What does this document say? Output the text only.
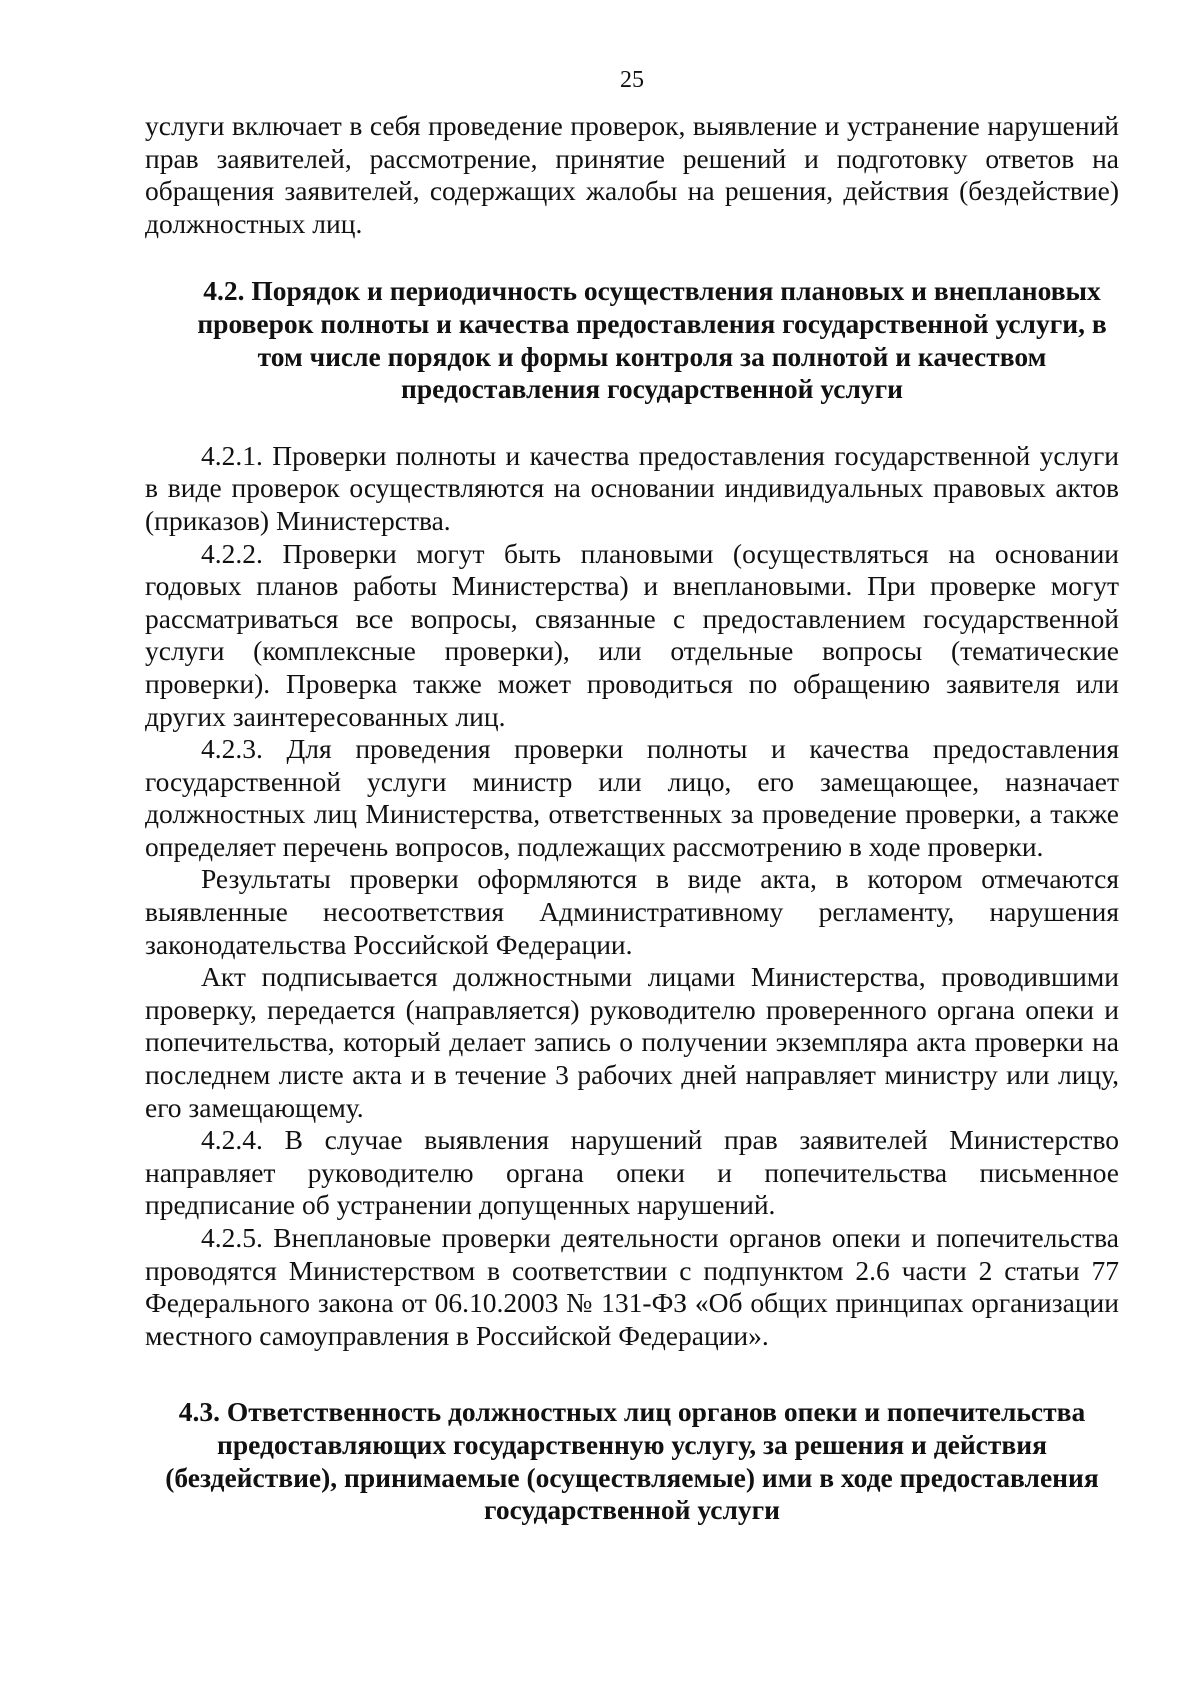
25

услуги включает в себя проведение проверок, выявление и устранение нарушений прав заявителей, рассмотрение, принятие решений и подготовку ответов на обращения заявителей, содержащих жалобы на решения, действия (бездействие) должностных лиц.

4.2. Порядок и периодичность осуществления плановых и внеплановых проверок полноты и качества предоставления государственной услуги, в том числе порядок и формы контроля за полнотой и качеством предоставления государственной услуги

4.2.1. Проверки полноты и качества предоставления государственной услуги в виде проверок осуществляются на основании индивидуальных правовых актов (приказов) Министерства.

4.2.2. Проверки могут быть плановыми (осуществляться на основании годовых планов работы Министерства) и внеплановыми. При проверке могут рассматриваться все вопросы, связанные с предоставлением государственной услуги (комплексные проверки), или отдельные вопросы (тематические проверки). Проверка также может проводиться по обращению заявителя или других заинтересованных лиц.

4.2.3. Для проведения проверки полноты и качества предоставления государственной услуги министр или лицо, его замещающее, назначает должностных лиц Министерства, ответственных за проведение проверки, а также определяет перечень вопросов, подлежащих рассмотрению в ходе проверки.

Результаты проверки оформляются в виде акта, в котором отмечаются выявленные несоответствия Административному регламенту, нарушения законодательства Российской Федерации.

Акт подписывается должностными лицами Министерства, проводившими проверку, передается (направляется) руководителю проверенного органа опеки и попечительства, который делает запись о получении экземпляра акта проверки на последнем листе акта и в течение 3 рабочих дней направляет министру или лицу, его замещающему.

4.2.4. В случае выявления нарушений прав заявителей Министерство направляет руководителю органа опеки и попечительства письменное предписание об устранении допущенных нарушений.

4.2.5. Внеплановые проверки деятельности органов опеки и попечительства проводятся Министерством в соответствии с подпунктом 2.6 части 2 статьи 77 Федерального закона от 06.10.2003 № 131-ФЗ «Об общих принципах организации местного самоуправления в Российской Федерации».

4.3. Ответственность должностных лиц органов опеки и попечительства предоставляющих государственную услугу, за решения и действия (бездействие), принимаемые (осуществляемые) ими в ходе предоставления государственной услуги
